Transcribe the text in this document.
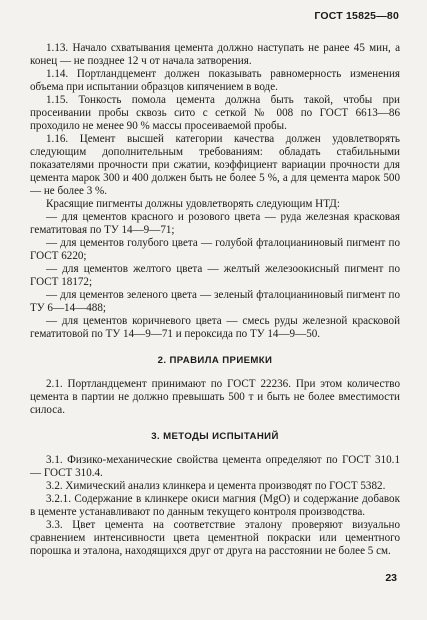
ГОСТ 15825—80

1.13. Начало схватывания цемента должно наступать не ранее 45 мин, а конец — не позднее 12 ч от начала затворения.

1.14. Портландцемент должен показывать равномерность изменения объема при испытании образцов кипячением в воде.

1.15. Тонкость помола цемента должна быть такой, чтобы при просеивании пробы сквозь сито с сеткой № 008 по ГОСТ 6613—86 проходило не менее 90 % массы просеиваемой пробы.

1.16. Цемент высшей категории качества должен удовлетворять следующим дополнительным требованиям: обладать стабильными показателями прочности при сжатии, коэффициент вариации прочности для цемента марок 300 и 400 должен быть не более 5 %, а для цемента марок 500 — не более 3 %.

Красящие пигменты должны удовлетворять следующим НТД:

— для цементов красного и розового цвета — руда железная красковая гематитовая по ТУ 14—9—71;

— для цементов голубого цвета — голубой фталоцианиновый пигмент по ГОСТ 6220;

— для цементов желтого цвета — желтый железоокисный пигмент по ГОСТ 18172;

— для цементов зеленого цвета — зеленый фталоцианиновый пигмент по ТУ 6—14—488;

— для цементов коричневого цвета — смесь руды железной красковой гематитовой по ТУ 14—9—71 и пероксида по ТУ 14—9—50.

2. ПРАВИЛА ПРИЕМКИ

2.1. Портландцемент принимают по ГОСТ 22236. При этом количество цемента в партии не должно превышать 500 т и быть не более вместимости силоса.

3. МЕТОДЫ ИСПЫТАНИЙ

3.1. Физико-механические свойства цемента определяют по ГОСТ 310.1 — ГОСТ 310.4.

3.2. Химический анализ клинкера и цемента производят по ГОСТ 5382.

3.2.1. Содержание в клинкере окиси магния (MgO) и содержание добавок в цементе устанавливают по данным текущего контроля производства.

3.3. Цвет цемента на соответствие эталону проверяют визуально сравнением интенсивности цвета цементной покраски или цементного порошка и эталона, находящихся друг от друга на расстоянии не более 5 см.

23
